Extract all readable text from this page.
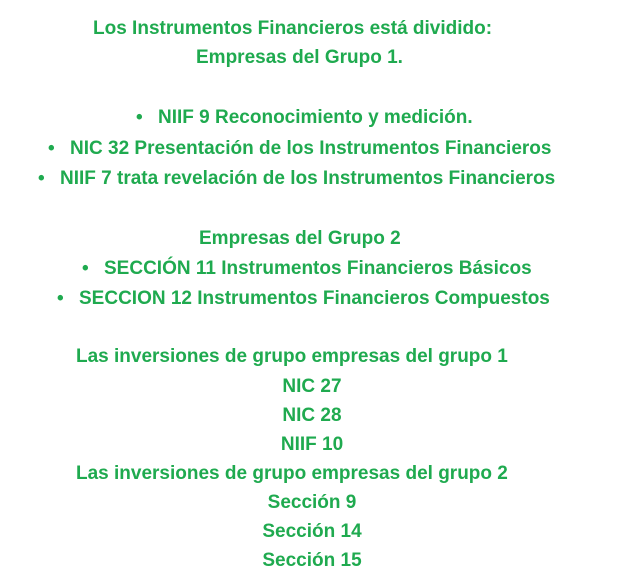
Los Instrumentos Financieros está dividido:
Empresas del Grupo 1.
• NIIF 9 Reconocimiento y medición.
• NIC 32 Presentación de los Instrumentos Financieros
• NIIF 7 trata revelación de los Instrumentos Financieros
Empresas del Grupo 2
• SECCIÓN 11 Instrumentos Financieros Básicos
• SECCION 12 Instrumentos Financieros Compuestos
Las inversiones de grupo empresas del grupo 1
NIC 27
NIC 28
NIIF 10
Las inversiones de grupo empresas del grupo 2
Sección 9
Sección 14
Sección 15
